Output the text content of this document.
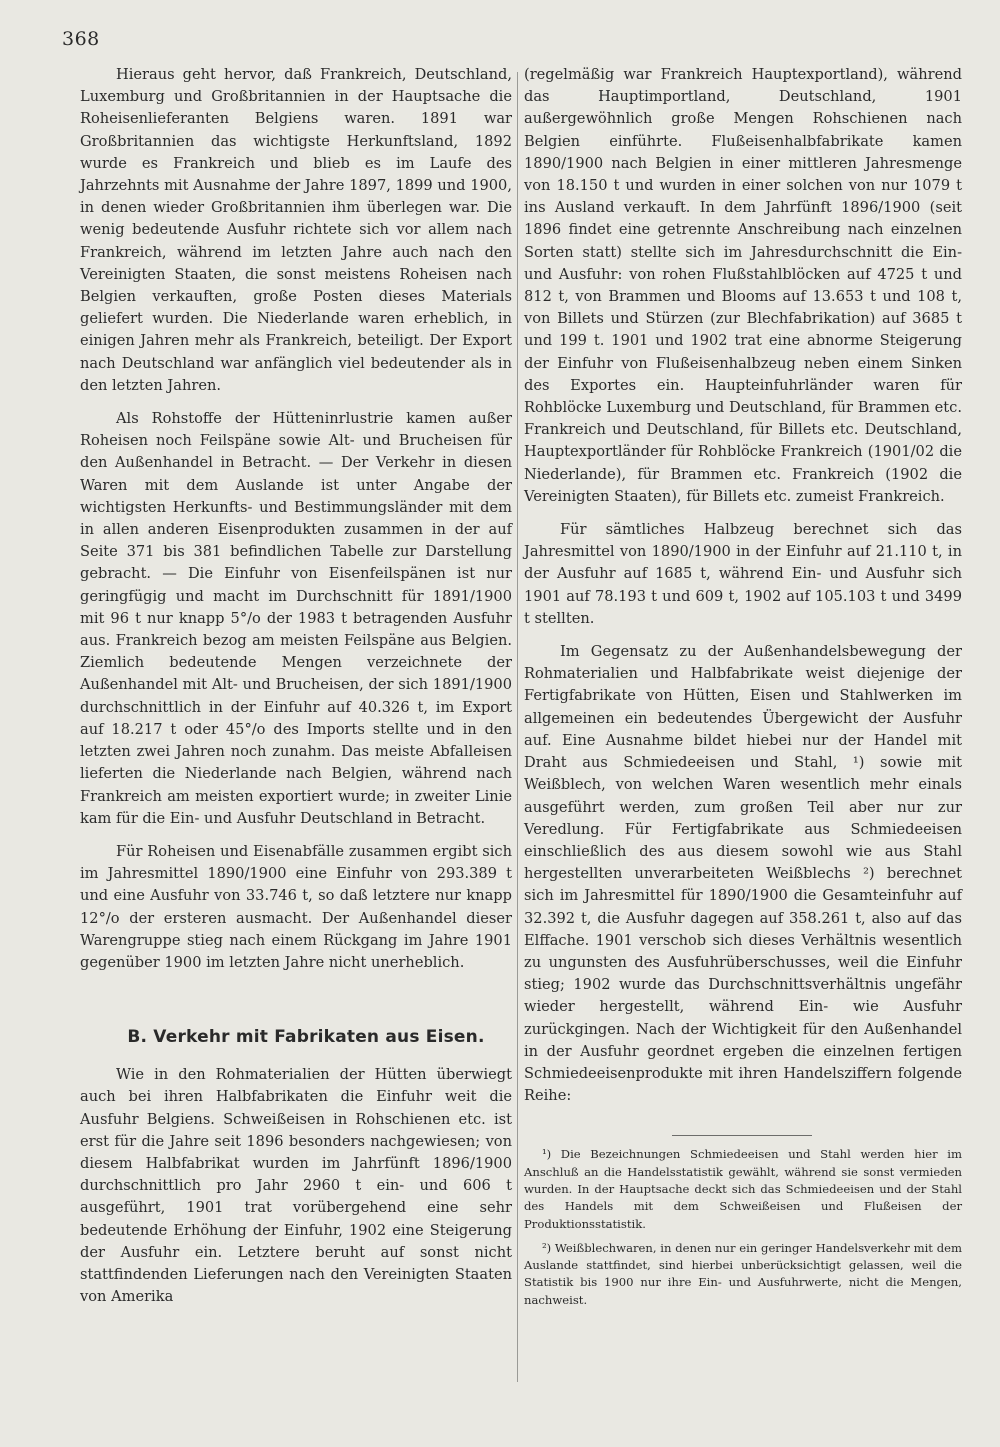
368

Hieraus geht hervor, daß Frankreich, Deutschland, Luxemburg und Großbritannien in der Hauptsache die Roheisenlieferanten Belgiens waren. 1891 war Großbritannien das wichtigste Herkunftsland, 1892 wurde es Frankreich und blieb es im Laufe des Jahrzehnts mit Ausnahme der Jahre 1897, 1899 und 1900, in denen wieder Großbritannien ihm überlegen war. Die wenig bedeutende Ausfuhr richtete sich vor allem nach Frankreich, während im letzten Jahre auch nach den Vereinigten Staaten, die sonst meistens Roheisen nach Belgien verkauften, große Posten dieses Materials geliefert wurden. Die Niederlande waren erheblich, in einigen Jahren mehr als Frankreich, beteiligt. Der Export nach Deutschland war anfänglich viel bedeutender als in den letzten Jahren.

Als Rohstoffe der Hütteninrlustrie kamen außer Roheisen noch Feilspäne sowie Alt- und Brucheisen für den Außenhandel in Betracht. — Der Verkehr in diesen Waren mit dem Auslande ist unter Angabe der wichtigsten Herkunfts- und Bestimmungsländer mit dem in allen anderen Eisenprodukten zusammen in der auf Seite 371 bis 381 befindlichen Tabelle zur Darstellung gebracht. — Die Einfuhr von Eisenfeilspänen ist nur geringfügig und macht im Durchschnitt für 1891/1900 mit 96 t nur knapp 5°/o der 1983 t betragenden Ausfuhr aus. Frankreich bezog am meisten Feilspäne aus Belgien. Ziemlich bedeutende Mengen verzeichnete der Außenhandel mit Alt- und Brucheisen, der sich 1891/1900 durchschnittlich in der Einfuhr auf 40.326 t, im Export auf 18.217 t oder 45°/o des Imports stellte und in den letzten zwei Jahren noch zunahm. Das meiste Abfalleisen lieferten die Niederlande nach Belgien, während nach Frankreich am meisten exportiert wurde; in zweiter Linie kam für die Ein- und Ausfuhr Deutschland in Betracht.

Für Roheisen und Eisenabfälle zusammen ergibt sich im Jahresmittel 1890/1900 eine Einfuhr von 293.389 t und eine Ausfuhr von 33.746 t, so daß letztere nur knapp 12°/o der ersteren ausmacht. Der Außenhandel dieser Warengruppe stieg nach einem Rückgang im Jahre 1901 gegenüber 1900 im letzten Jahre nicht unerheblich.

B. Verkehr mit Fabrikaten aus Eisen.

Wie in den Rohmaterialien der Hütten überwiegt auch bei ihren Halbfabrikaten die Einfuhr weit die Ausfuhr Belgiens. Schweißeisen in Rohschienen etc. ist erst für die Jahre seit 1896 besonders nachgewiesen; von diesem Halbfabrikat wurden im Jahrfünft 1896/1900 durchschnittlich pro Jahr 2960 t ein- und 606 t ausgeführt, 1901 trat vorübergehend eine sehr bedeutende Erhöhung der Einfuhr, 1902 eine Steigerung der Ausfuhr ein. Letztere beruht auf sonst nicht stattfindenden Lieferungen nach den Vereinigten Staaten von Amerika

(regelmäßig war Frankreich Hauptexportland), während das Hauptimportland, Deutschland, 1901 außergewöhnlich große Mengen Rohschienen nach Belgien einführte. Flußeisenhalbfabrikate kamen 1890/1900 nach Belgien in einer mittleren Jahresmenge von 18.150 t und wurden in einer solchen von nur 1079 t ins Ausland verkauft. In dem Jahrfünft 1896/1900 (seit 1896 findet eine getrennte Anschreibung nach einzelnen Sorten statt) stellte sich im Jahresdurchschnitt die Ein- und Ausfuhr: von rohen Flußstahlblöcken auf 4725 t und 812 t, von Brammen und Blooms auf 13.653 t und 108 t, von Billets und Stürzen (zur Blechfabrikation) auf 3685 t und 199 t. 1901 und 1902 trat eine abnorme Steigerung der Einfuhr von Flußeisenhalbzeug neben einem Sinken des Exportes ein. Haupteinfuhrländer waren für Rohblöcke Luxemburg und Deutschland, für Brammen etc. Frankreich und Deutschland, für Billets etc. Deutschland, Hauptexportländer für Rohblöcke Frankreich (1901/02 die Niederlande), für Brammen etc. Frankreich (1902 die Vereinigten Staaten), für Billets etc. zumeist Frankreich.

Für sämtliches Halbzeug berechnet sich das Jahresmittel von 1890/1900 in der Einfuhr auf 21.110 t, in der Ausfuhr auf 1685 t, während Ein- und Ausfuhr sich 1901 auf 78.193 t und 609 t, 1902 auf 105.103 t und 3499 t stellten.

Im Gegensatz zu der Außenhandelsbewegung der Rohmaterialien und Halbfabrikate weist diejenige der Fertigfabrikate von Hütten, Eisen und Stahlwerken im allgemeinen ein bedeutendes Übergewicht der Ausfuhr auf. Eine Ausnahme bildet hiebei nur der Handel mit Draht aus Schmiedeeisen und Stahl, ¹) sowie mit Weißblech, von welchen Waren wesentlich mehr einals ausgeführt werden, zum großen Teil aber nur zur Veredlung. Für Fertigfabrikate aus Schmiedeeisen einschließlich des aus diesem sowohl wie aus Stahl hergestellten unverarbeiteten Weißblechs ²) berechnet sich im Jahresmittel für 1890/1900 die Gesamteinfuhr auf 32.392 t, die Ausfuhr dagegen auf 358.261 t, also auf das Elffache. 1901 verschob sich dieses Verhältnis wesentlich zu ungunsten des Ausfuhrüberschusses, weil die Einfuhr stieg; 1902 wurde das Durchschnittsverhältnis ungefähr wieder hergestellt, während Ein- wie Ausfuhr zurückgingen. Nach der Wichtigkeit für den Außenhandel in der Ausfuhr geordnet ergeben die einzelnen fertigen Schmiedeeisenprodukte mit ihren Handelsziffern folgende Reihe:

¹) Die Bezeichnungen Schmiedeeisen und Stahl werden hier im Anschluß an die Handelsstatistik gewählt, während sie sonst vermieden wurden. In der Hauptsache deckt sich das Schmiedeeisen und der Stahl des Handels mit dem Schweißeisen und Flußeisen der Produktionsstatistik.

²) Weißblechwaren, in denen nur ein geringer Handelsverkehr mit dem Auslande stattfindet, sind hierbei unberücksichtigt gelassen, weil die Statistik bis 1900 nur ihre Ein- und Ausfuhrwerte, nicht die Mengen, nachweist.
